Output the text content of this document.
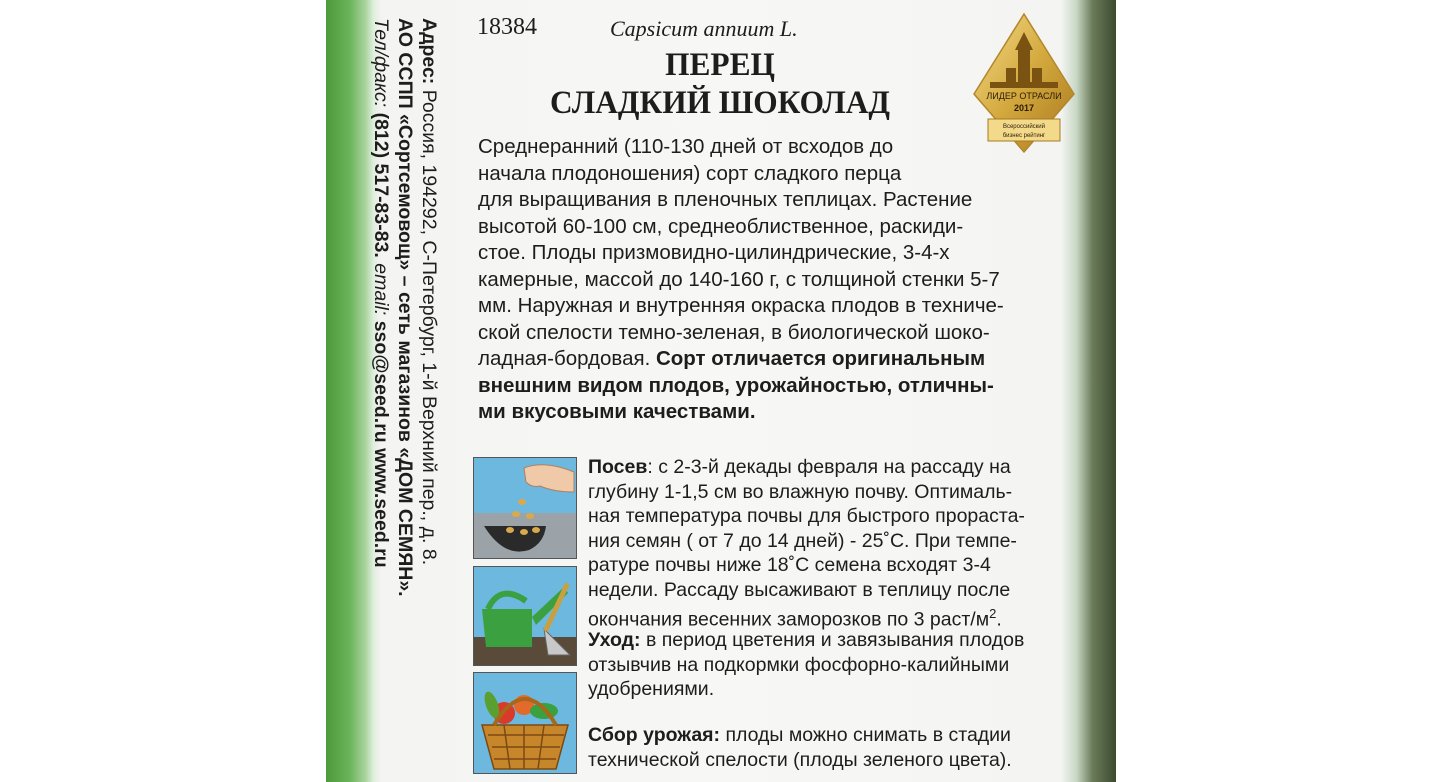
Адрес: Россия, 194292, С-Петербург, 1-й Верхний пер., д. 8.
АО ССПП «Сортсемовощ» – сеть магазинов «ДОМ СЕМЯН».
Тел/факс: (812) 517-83-83. email: sso@seed.ru www.seed.ru
18384	Capsicum annuum L.
ПЕРЕЦ
СЛАДКИЙ ШОКОЛАД	ЛИДЕР ОТРАСЛИ
2017
Всероссийский
бизнес рейтинг

Среднеранний (110-130 дней от всходов до

начала плодоношения) сорт сладкого перца

для выращивания в пленочных теплицах. Растение

высотой 60-100 см, среднеоблиственное, раскиди-

стое. Плоды призмовидно-цилиндрические, 3-4-х

камерные, массой до 140-160 г, с толщиной стенки 5-7

мм. Наружная и внутренняя окраска плодов в техниче-

ской спелости темно-зеленая, в биологической шоко-

ладная-бордовая. Сорт отличается оригинальным

внешним видом плодов, урожайностью, отличны-

ми вкусовыми качествами.

Посев: с 2-3-й декады февраля на рассаду на

глубину 1-1,5 см во влажную почву. Оптималь-

ная температура почвы для быстрого прораста-

ния семян ( от 7 до 14 дней) - 25˚С. При темпе-

ратуре почвы ниже 18˚С семена всходят 3-4

недели. Рассаду высаживают в теплицу после

окончания весенних заморозков по 3 раст/$м^2$.

Уход: в период цветения и завязывания плодов

отзывчив на подкормки фосфорно-калийными

удобрениями.

Сбор урожая: плоды можно снимать в стадии

технической спелости (плоды зеленого цвета).
